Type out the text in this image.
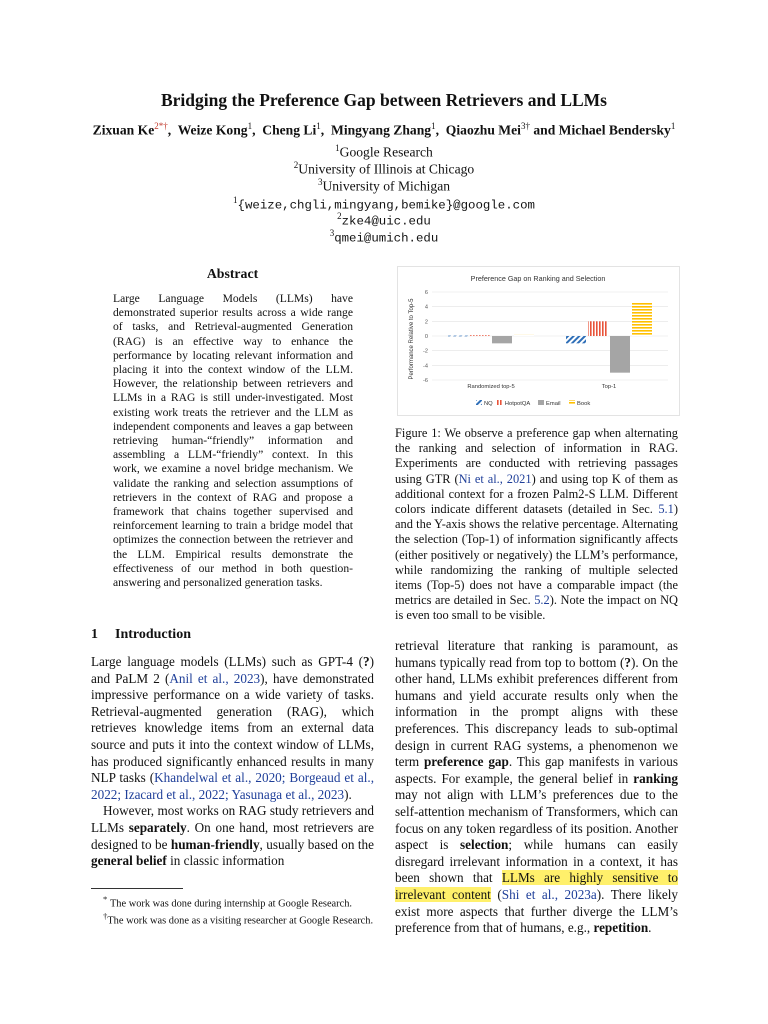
Bridging the Preference Gap between Retrievers and LLMs
Zixuan $Ke^{2*\dagger}$,  Weize Kong$^1$,  Cheng Li$^1$,  Mingyang Zhang$^1$,  Qiaozhu Mei$^{3\dagger}$ and Michael Bendersky$^1$
$^1$Google Research
$^2$University of Illinois at Chicago
$^3$University of Michigan
$^1${weize,chgli,mingyang,bemike}@google.com
$^2$zke4@uic.edu
$^3$qmei@umich.edu
Abstract
Large Language Models (LLMs) have demonstrated superior results across a wide range of tasks, and Retrieval-augmented Generation (RAG) is an effective way to enhance the performance by locating relevant information and placing it into the context window of the LLM. However, the relationship between retrievers and LLMs in a RAG is still under-investigated. Most existing work treats the retriever and the LLM as independent components and leaves a gap between retrieving human-“friendly” information and assembling a LLM-“friendly” context. In this work, we examine a novel bridge mechanism. We validate the ranking and selection assumptions of retrievers in the context of RAG and propose a framework that chains together supervised and reinforcement learning to train a bridge model that optimizes the connection between the retriever and the LLM. Empirical results demonstrate the effectiveness of our method in both question-answering and personalized generation tasks.
Preference Gap on Ranking and Selection
Performance Relative to Top-5
6
4
2
0
-2
-4
-6
Randomized top-5	Top-1
NQ HotpotQA	Email	Book
Figure 1: We observe a preference gap when alternating the ranking and selection of information in RAG. Experiments are conducted with retrieving passages using GTR (Ni et al., 2021) and using top K of them as additional context for a frozen Palm2-S LLM. Different colors indicate different datasets (detailed in Sec. 5.1) and the Y-axis shows the relative percentage. Alternating the selection (Top-1) of information significantly affects (either positively or negatively) the LLM’s performance, while randomizing the ranking of multiple selected items (Top-5) does not have a comparable impact (the metrics are detailed in Sec. 5.2). Note the impact on NQ is even too small to be visible.
1 Introduction

Large language models (LLMs) such as GPT-4 (?) and PaLM 2 (Anil et al., 2023), have demonstrated impressive performance on a wide variety of tasks. Retrieval-augmented generation (RAG), which retrieves knowledge items from an external data source and puts it into the context window of LLMs, has produced significantly enhanced results in many NLP tasks (Khandelwal et al., 2020; Borgeaud et al., 2022; Izacard et al., 2022; Yasunaga et al., 2023).

However, most works on RAG study retrievers and LLMs separately. On one hand, most retrievers are designed to be human-friendly, usually based on the general belief in classic information

* The work was done during internship at Google Research.

†The work was done as a visiting researcher at Google Research.

retrieval literature that ranking is paramount, as humans typically read from top to bottom (?). On the other hand, LLMs exhibit preferences different from humans and yield accurate results only when the information in the prompt aligns with these preferences. This discrepancy leads to sub-optimal design in current RAG systems, a phenomenon we term preference gap. This gap manifests in various aspects. For example, the general belief in ranking may not align with LLM’s preferences due to the self-attention mechanism of Transformers, which can focus on any token regardless of its position. Another aspect is selection; while humans can easily disregard irrelevant information in a context, it has been shown that LLMs are highly sensitive to irrelevant content (Shi et al., 2023a). There likely exist more aspects that further diverge the LLM’s preference from that of humans, e.g., repetition.
